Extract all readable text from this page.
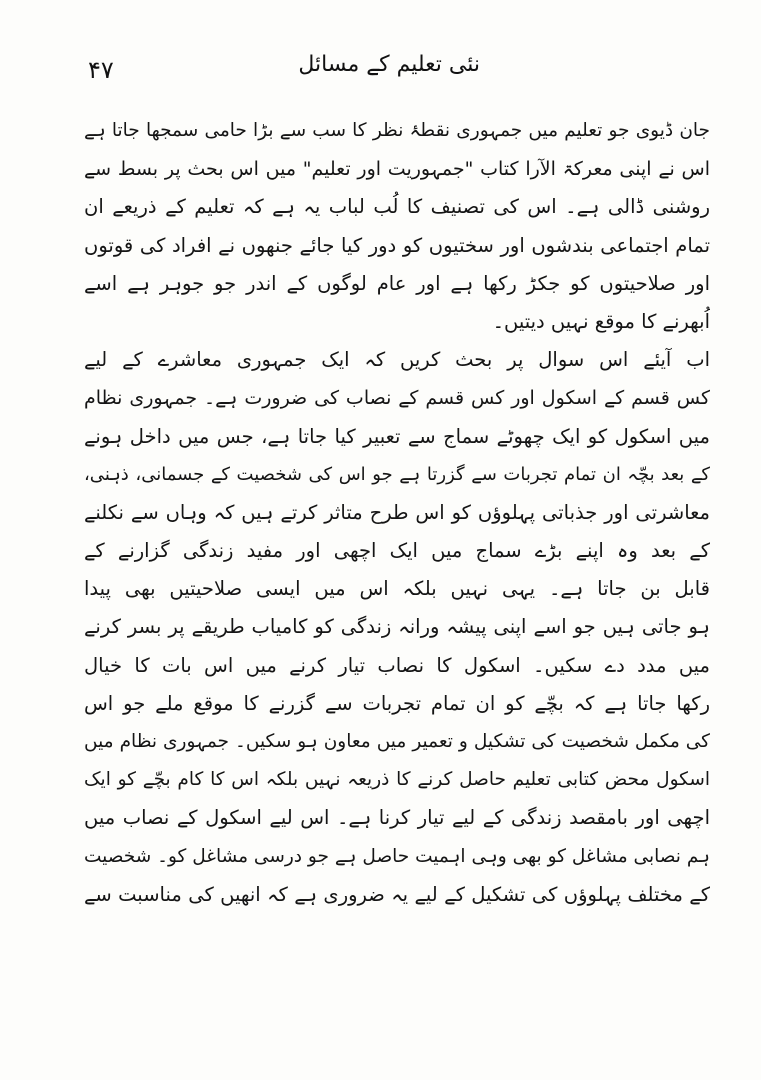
۴۷	نئی تعلیم کے مسائل
جان ڈیوی جو تعلیم میں جمہوری نقطۂ نظر کا سب سے بڑا حامی سمجھا جاتا ہے
اس نے اپنی معرکۃ الآرا کتاب "جمہوریت اور تعلیم" میں اس بحث پر بسط سے
روشنی ڈالی ہے۔ اس کی تصنیف کا لُب لباب یہ ہے کہ تعلیم کے ذریعے ان
تمام اجتماعی بندشوں اور سختیوں کو دور کیا جائے جنھوں نے افراد کی قوتوں
اور صلاحیتوں کو جکڑ رکھا ہے اور عام لوگوں کے اندر جو جوہر ہے اسے
اُبھرنے کا موقع نہیں دیتیں۔
اب آیئے اس سوال پر بحث کریں کہ ایک جمہوری معاشرے کے لیے
کس قسم کے اسکول اور کس قسم کے نصاب کی ضرورت ہے۔ جمہوری نظام
میں اسکول کو ایک چھوٹے سماج سے تعبیر کیا جاتا ہے، جس میں داخل ہونے
کے بعد بچّہ ان تمام تجربات سے گزرتا ہے جو اس کی شخصیت کے جسمانی، ذہنی،
معاشرتی اور جذباتی پہلوؤں کو اس طرح متاثر کرتے ہیں کہ وہاں سے نکلنے
کے بعد وہ اپنے بڑے سماج میں ایک اچھی اور مفید زندگی گزارنے کے
قابل بن جاتا ہے۔ یہی نہیں بلکہ اس میں ایسی صلاحیتیں بھی پیدا
ہو جاتی ہیں جو اسے اپنی پیشہ ورانہ زندگی کو کامیاب طریقے پر بسر کرنے
میں مدد دے سکیں۔ اسکول کا نصاب تیار کرنے میں اس بات کا خیال
رکھا جاتا ہے کہ بچّے کو ان تمام تجربات سے گزرنے کا موقع ملے جو اس
کی مکمل شخصیت کی تشکیل و تعمیر میں معاون ہو سکیں۔ جمہوری نظام میں
اسکول محض کتابی تعلیم حاصل کرنے کا ذریعہ نہیں بلکہ اس کا کام بچّے کو ایک
اچھی اور بامقصد زندگی کے لیے تیار کرنا ہے۔ اس لیے اسکول کے نصاب میں
ہم نصابی مشاغل کو بھی وہی اہمیت حاصل ہے جو درسی مشاغل کو۔ شخصیت
کے مختلف پہلوؤں کی تشکیل کے لیے یہ ضروری ہے کہ انھیں کی مناسبت سے
